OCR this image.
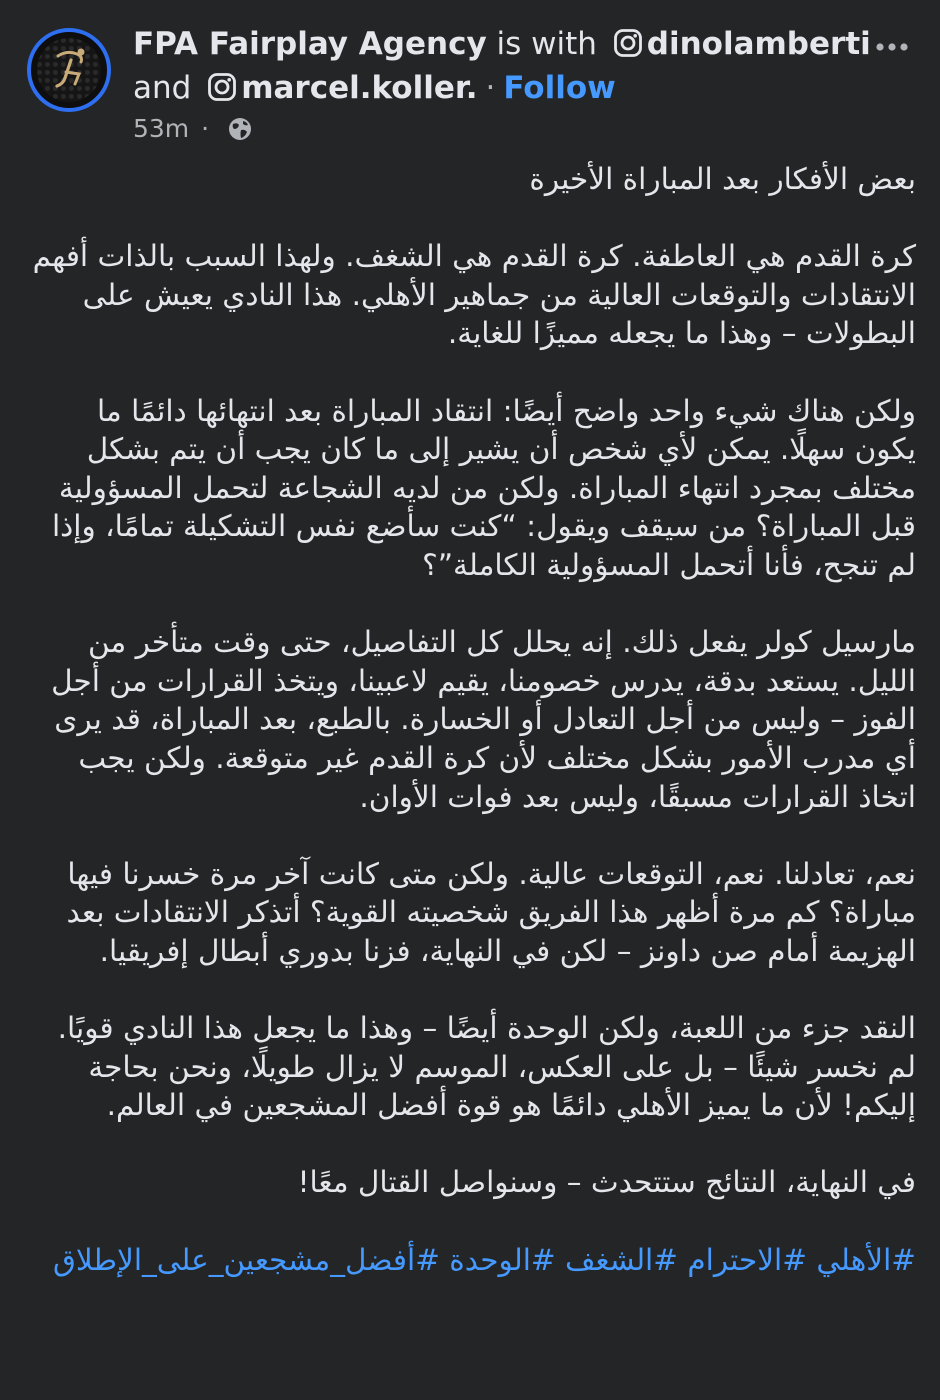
FPA Fairplay Agency is with dinolamberti
and marcel.koller. · Follow
53m ·

بعض الأفكار بعد المباراة الأخيرة

كرة القدم هي العاطفة. كرة القدم هي الشغف. ولهذا السبب بالذات أفهم الانتقادات والتوقعات العالية من جماهير الأهلي. هذا النادي يعيش على البطولات – وهذا ما يجعله مميزًا للغاية.

ولكن هناك شيء واحد واضح أيضًا: انتقاد المباراة بعد انتهائها دائمًا ما يكون سهلًا. يمكن لأي شخص أن يشير إلى ما كان يجب أن يتم بشكل مختلف بمجرد انتهاء المباراة. ولكن من لديه الشجاعة لتحمل المسؤولية قبل المباراة؟ من سيقف ويقول: “كنت سأضع نفس التشكيلة تمامًا، وإذا لم تنجح، فأنا أتحمل المسؤولية الكاملة”؟

مارسيل كولر يفعل ذلك. إنه يحلل كل التفاصيل، حتى وقت متأخر من الليل. يستعد بدقة، يدرس خصومنا، يقيم لاعبينا، ويتخذ القرارات من أجل الفوز – وليس من أجل التعادل أو الخسارة. بالطبع، بعد المباراة، قد يرى أي مدرب الأمور بشكل مختلف لأن كرة القدم غير متوقعة. ولكن يجب اتخاذ القرارات مسبقًا، وليس بعد فوات الأوان.

نعم، تعادلنا. نعم، التوقعات عالية. ولكن متى كانت آخر مرة خسرنا فيها مباراة؟ كم مرة أظهر هذا الفريق شخصيته القوية؟ أتذكر الانتقادات بعد الهزيمة أمام صن داونز – لكن في النهاية، فزنا بدوري أبطال إفريقيا.

النقد جزء من اللعبة، ولكن الوحدة أيضًا – وهذا ما يجعل هذا النادي قويًا. لم نخسر شيئًا – بل على العكس، الموسم لا يزال طويلًا، ونحن بحاجة إليكم! لأن ما يميز الأهلي دائمًا هو قوة أفضل المشجعين في العالم.

في النهاية، النتائج ستتحدث – وسنواصل القتال معًا!

#الأهلي #الاحترام #الشغف #الوحدة #أفضل_مشجعين_على_الإطلاق
